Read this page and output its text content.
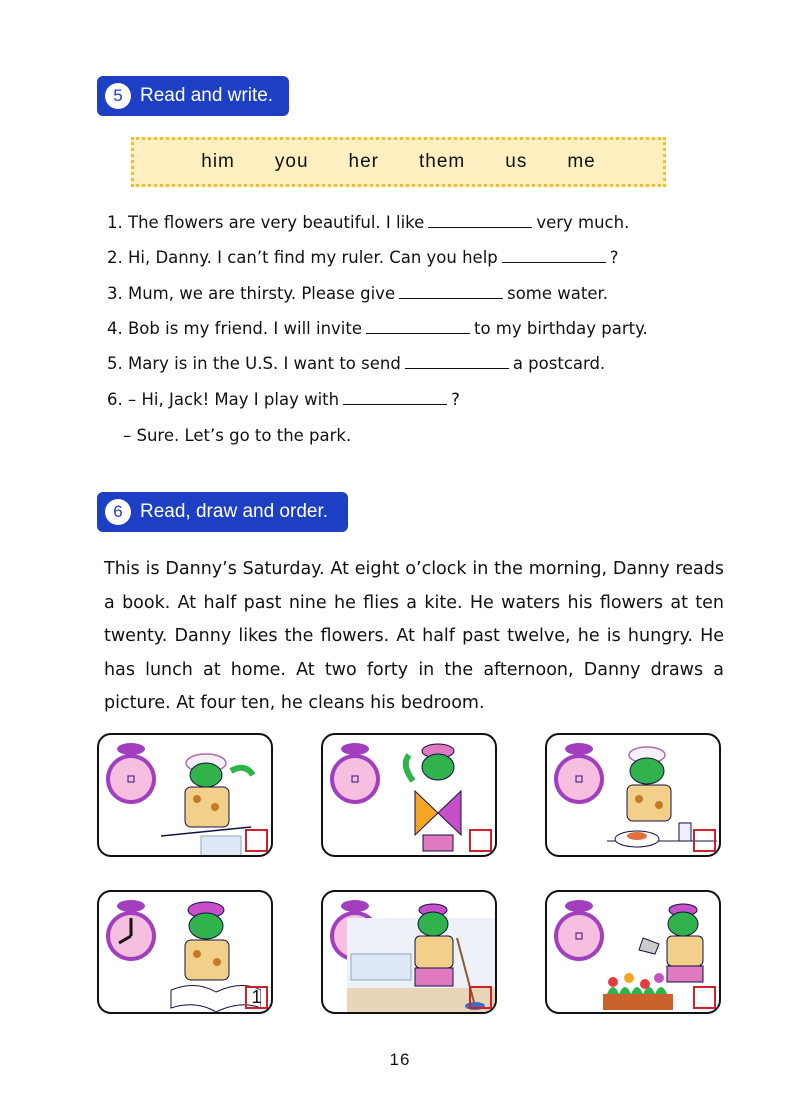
5 Read and write.
him you her them us me
1. The flowers are very beautiful. I like	very much.
2. Hi, Danny. I can’t find my ruler. Can you help	?
3. Mum, we are thirsty. Please give	some water.
4. Bob is my friend. I will invite	to my birthday party.
5. Mary is in the U.S. I want to send	a postcard.
6. – Hi, Jack! May I play with	?
– Sure. Let’s go to the park.
6 Read, draw and order.
This is Danny’s Saturday. At eight o’clock in the morning, Danny reads a book. At half past nine he flies a kite. He waters his flowers at ten twenty. Danny likes the flowers. At half past twelve, he is hungry. He has lunch at home. At two forty in the afternoon, Danny draws a picture. At four ten, he cleans his bedroom.
1
16
